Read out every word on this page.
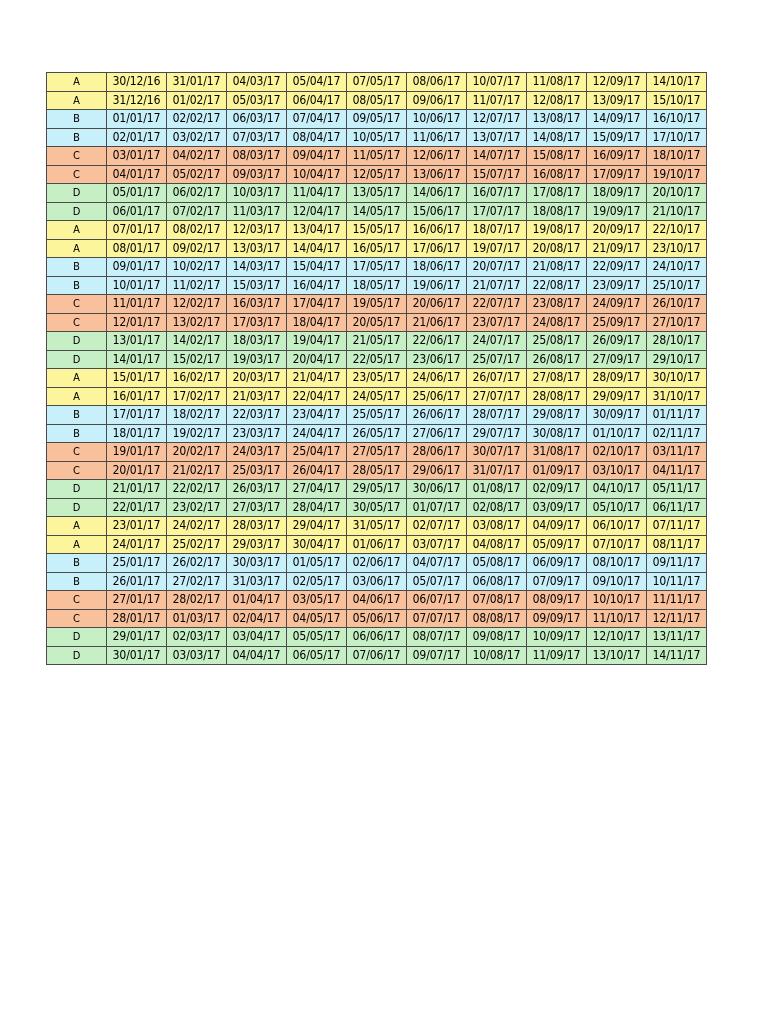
A	30/12/16	31/01/17	04/03/17	05/04/17	07/05/17	08/06/17	10/07/17	11/08/17	12/09/17	14/10/17
A	31/12/16	01/02/17	05/03/17	06/04/17	08/05/17	09/06/17	11/07/17	12/08/17	13/09/17	15/10/17
B	01/01/17	02/02/17	06/03/17	07/04/17	09/05/17	10/06/17	12/07/17	13/08/17	14/09/17	16/10/17
B	02/01/17	03/02/17	07/03/17	08/04/17	10/05/17	11/06/17	13/07/17	14/08/17	15/09/17	17/10/17
C	03/01/17	04/02/17	08/03/17	09/04/17	11/05/17	12/06/17	14/07/17	15/08/17	16/09/17	18/10/17
C	04/01/17	05/02/17	09/03/17	10/04/17	12/05/17	13/06/17	15/07/17	16/08/17	17/09/17	19/10/17
D	05/01/17	06/02/17	10/03/17	11/04/17	13/05/17	14/06/17	16/07/17	17/08/17	18/09/17	20/10/17
D	06/01/17	07/02/17	11/03/17	12/04/17	14/05/17	15/06/17	17/07/17	18/08/17	19/09/17	21/10/17
A	07/01/17	08/02/17	12/03/17	13/04/17	15/05/17	16/06/17	18/07/17	19/08/17	20/09/17	22/10/17
A	08/01/17	09/02/17	13/03/17	14/04/17	16/05/17	17/06/17	19/07/17	20/08/17	21/09/17	23/10/17
B	09/01/17	10/02/17	14/03/17	15/04/17	17/05/17	18/06/17	20/07/17	21/08/17	22/09/17	24/10/17
B	10/01/17	11/02/17	15/03/17	16/04/17	18/05/17	19/06/17	21/07/17	22/08/17	23/09/17	25/10/17
C	11/01/17	12/02/17	16/03/17	17/04/17	19/05/17	20/06/17	22/07/17	23/08/17	24/09/17	26/10/17
C	12/01/17	13/02/17	17/03/17	18/04/17	20/05/17	21/06/17	23/07/17	24/08/17	25/09/17	27/10/17
D	13/01/17	14/02/17	18/03/17	19/04/17	21/05/17	22/06/17	24/07/17	25/08/17	26/09/17	28/10/17
D	14/01/17	15/02/17	19/03/17	20/04/17	22/05/17	23/06/17	25/07/17	26/08/17	27/09/17	29/10/17
A	15/01/17	16/02/17	20/03/17	21/04/17	23/05/17	24/06/17	26/07/17	27/08/17	28/09/17	30/10/17
A	16/01/17	17/02/17	21/03/17	22/04/17	24/05/17	25/06/17	27/07/17	28/08/17	29/09/17	31/10/17
B	17/01/17	18/02/17	22/03/17	23/04/17	25/05/17	26/06/17	28/07/17	29/08/17	30/09/17	01/11/17
B	18/01/17	19/02/17	23/03/17	24/04/17	26/05/17	27/06/17	29/07/17	30/08/17	01/10/17	02/11/17
C	19/01/17	20/02/17	24/03/17	25/04/17	27/05/17	28/06/17	30/07/17	31/08/17	02/10/17	03/11/17
C	20/01/17	21/02/17	25/03/17	26/04/17	28/05/17	29/06/17	31/07/17	01/09/17	03/10/17	04/11/17
D	21/01/17	22/02/17	26/03/17	27/04/17	29/05/17	30/06/17	01/08/17	02/09/17	04/10/17	05/11/17
D	22/01/17	23/02/17	27/03/17	28/04/17	30/05/17	01/07/17	02/08/17	03/09/17	05/10/17	06/11/17
A	23/01/17	24/02/17	28/03/17	29/04/17	31/05/17	02/07/17	03/08/17	04/09/17	06/10/17	07/11/17
A	24/01/17	25/02/17	29/03/17	30/04/17	01/06/17	03/07/17	04/08/17	05/09/17	07/10/17	08/11/17
B	25/01/17	26/02/17	30/03/17	01/05/17	02/06/17	04/07/17	05/08/17	06/09/17	08/10/17	09/11/17
B	26/01/17	27/02/17	31/03/17	02/05/17	03/06/17	05/07/17	06/08/17	07/09/17	09/10/17	10/11/17
C	27/01/17	28/02/17	01/04/17	03/05/17	04/06/17	06/07/17	07/08/17	08/09/17	10/10/17	11/11/17
C	28/01/17	01/03/17	02/04/17	04/05/17	05/06/17	07/07/17	08/08/17	09/09/17	11/10/17	12/11/17
D	29/01/17	02/03/17	03/04/17	05/05/17	06/06/17	08/07/17	09/08/17	10/09/17	12/10/17	13/11/17
D	30/01/17	03/03/17	04/04/17	06/05/17	07/06/17	09/07/17	10/08/17	11/09/17	13/10/17	14/11/17
